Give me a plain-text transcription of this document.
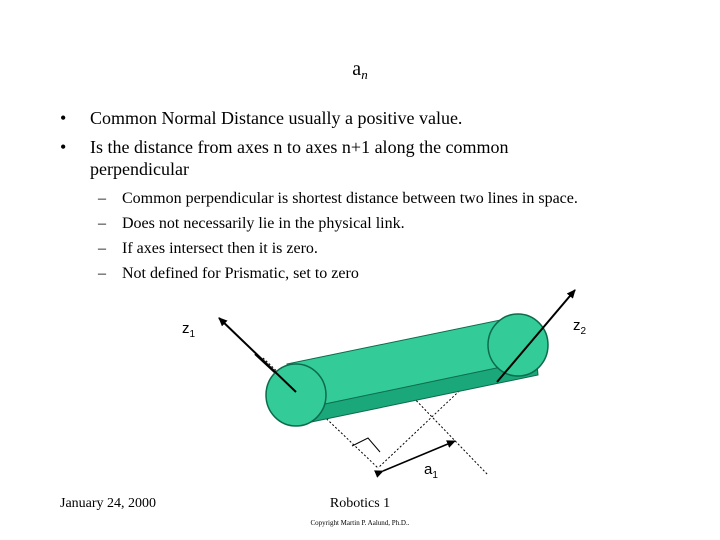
$a_n$
• Common Normal Distance usually a positive value.
• Is the distance from axes n to axes n+1 along the common
perpendicular
– Common perpendicular is shortest distance between two lines in space.
– Does not necessarily lie in the physical link.
– If axes intersect then it is zero.
– Not defined for Prismatic, set to zero
$z_1$
$z_2$
$a_1$
January 24, 2000	Robotics 1
Copyright Martin P. Aalund, Ph.D..
